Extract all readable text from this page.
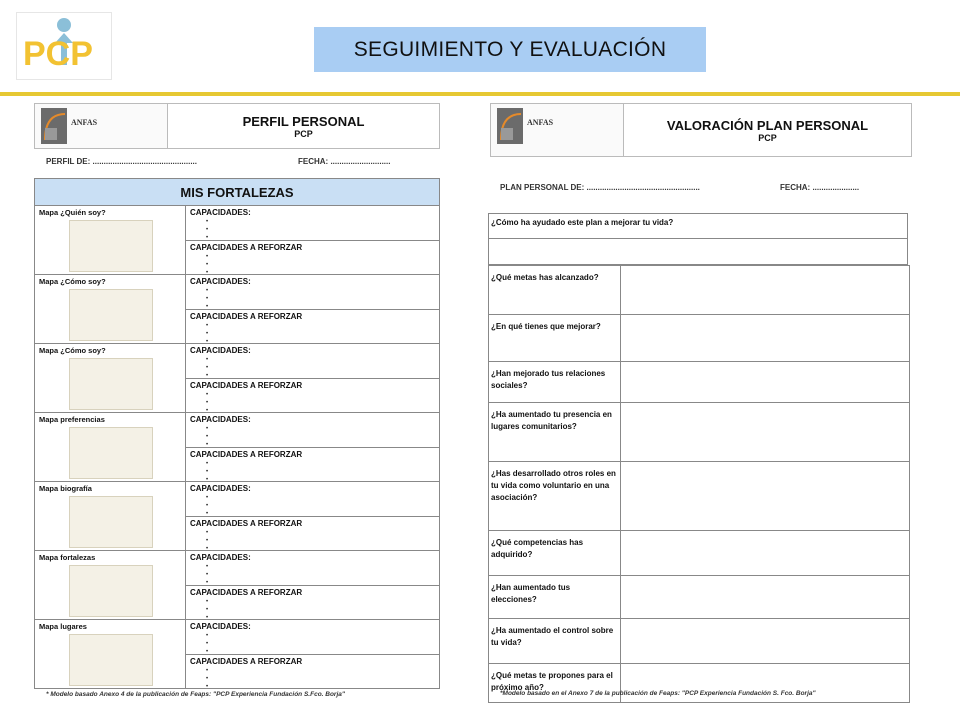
PCP	SEGUIMIENTO Y EVALUACIÓN
ANFAS	PERFIL PERSONAL
PCP
PERFIL DE: ...............................................	FECHA: ...........................
MIS FORTALEZAS
Mapa ¿Quién soy?	CAPACIDADES:
•
•
•
CAPACIDADES A REFORZAR
•
•
•
Mapa ¿Cómo soy?	CAPACIDADES:
•
•
•
CAPACIDADES A REFORZAR
•
•
•
Mapa ¿Cómo soy?	CAPACIDADES:
•
•
•
CAPACIDADES A REFORZAR
•
•
•
Mapa preferencias	CAPACIDADES:
•
•
•
CAPACIDADES A REFORZAR
•
•
•
Mapa biografía	CAPACIDADES:
•
•
•
CAPACIDADES A REFORZAR
•
•
•
Mapa fortalezas	CAPACIDADES:
•
•
•
CAPACIDADES A REFORZAR
•
•
•
Mapa lugares	CAPACIDADES:
•
•
•
CAPACIDADES A REFORZAR
•
•
•
* Modelo basado Anexo 4 de la publicación de Feaps: "PCP Experiencia Fundación S.Fco. Borja"
ANFAS	VALORACIÓN PLAN PERSONAL
PCP
PLAN PERSONAL DE: ...................................................	FECHA: .....................
¿Cómo ha ayudado este plan a mejorar tu vida?
¿Qué metas has alcanzado?
¿En qué tienes que mejorar?
¿Han mejorado tus relaciones sociales?
¿Ha aumentado tu presencia en lugares comunitarios?
¿Has desarrollado otros roles en tu vida como voluntario en una asociación?
¿Qué competencias has adquirido?
¿Han aumentado tus elecciones?
¿Ha aumentado el control sobre tu vida?
¿Qué metas te propones para el próximo año?
*Modelo basado en el Anexo 7 de la publicación de Feaps: "PCP Experiencia Fundación S. Fco. Borja"
